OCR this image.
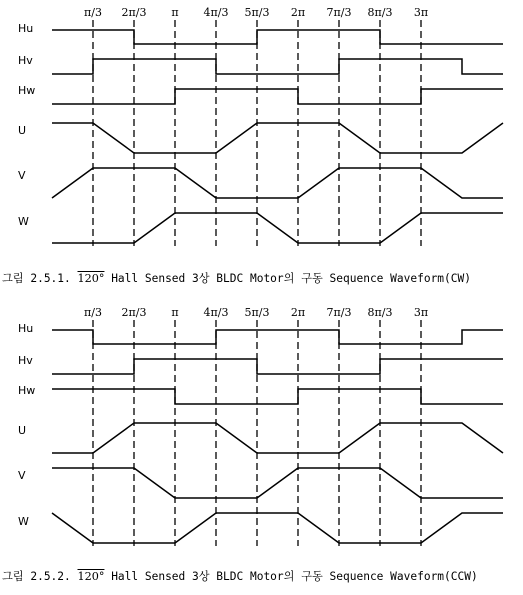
π/3 2π/3 π 4π/3 5π/3 2π 7π/3 8π/3 3π
Hu
Hv
Hw
U
V
W
그림 2.5.1. 120° Hall Sensed 3상 BLDC Motor의 구동 Sequence Waveform(CW)
π/3 2π/3 π 4π/3 5π/3 2π 7π/3 8π/3 3π
Hu
Hv
Hw
U
V
W
그림 2.5.2. 120° Hall Sensed 3상 BLDC Motor의 구동 Sequence Waveform(CCW)
